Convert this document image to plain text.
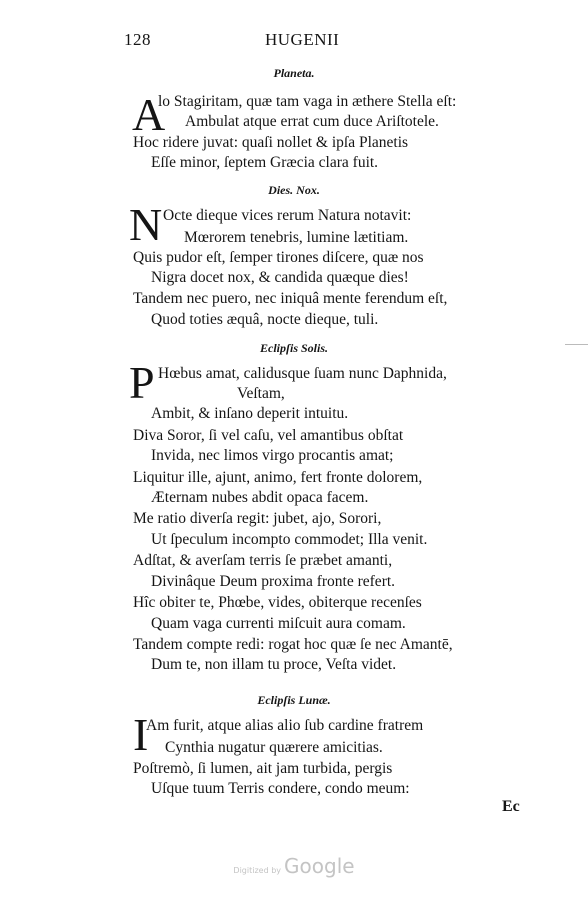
128	HUGENII
Planeta.
A
lo Stagiritam, quæ tam vaga in æthere Stella eſt:
Ambulat atque errat cum duce Ariſtotele.
Hoc ridere juvat: quaſi nollet & ipſa Planetis
Eſſe minor, ſeptem Græcia clara fuit.
Dies. Nox.
N Octe dieque vices rerum Natura notavit:
Mœrorem tenebris, lumine lætitiam.
Quis pudor eſt, ſemper tirones diſcere, quæ nos
Nigra docet nox, & candida quæque dies!
Tandem nec puero, nec iniquâ mente ferendum eſt,
Quod toties æquâ, nocte dieque, tuli.
Eclipſis Solis.
P Hœbus amat, calidusque ſuam nunc Daphnida,
Veſtam,
Ambit, & inſano deperit intuitu.
Diva Soror, ſi vel caſu, vel amantibus obſtat
Invida, nec limos virgo procantis amat;
Liquitur ille, ajunt, animo, fert fronte dolorem,
Æternam nubes abdit opaca facem.
Me ratio diverſa regit: jubet, ajo, Sorori,
Ut ſpeculum incompto commodet; Illa venit.
Adſtat, & averſam terris ſe præbet amanti,
Divinâque Deum proxima fronte refert.
Hîc obiter te, Phœbe, vides, obiterque recenſes
Quam vaga currenti miſcuit aura comam.
Tandem compte redi: rogat hoc quæ ſe nec Amantē,
Dum te, non illam tu proce, Veſta videt.
Eclipſis Lunæ.
I
Am furit, atque alias alio ſub cardine fratrem
Cynthia nugatur quærere amicitias.
Poſtremò, ſi lumen, ait jam turbida, pergis
Uſque tuum Terris condere, condo meum:
Ec
Digitized by Google
